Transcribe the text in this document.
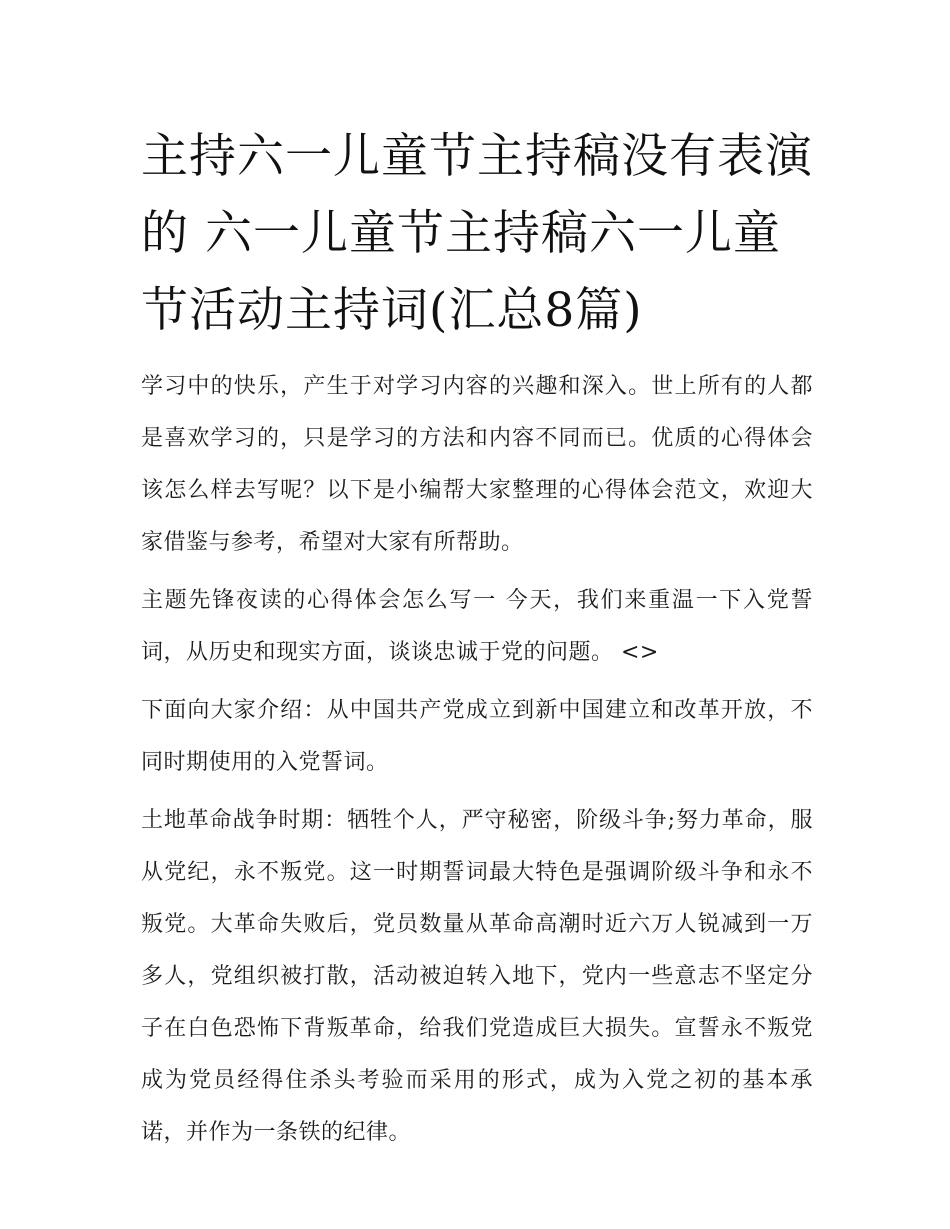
主持六一儿童节主持稿没有表演的 六一儿童节主持稿六一儿童节活动主持词(汇总8篇)

学习中的快乐，产生于对学习内容的兴趣和深入。世上所有的人都是喜欢学习的，只是学习的方法和内容不同而已。优质的心得体会该怎么样去写呢？以下是小编帮大家整理的心得体会范文，欢迎大家借鉴与参考，希望对大家有所帮助。

主题先锋夜读的心得体会怎么写一 今天，我们来重温一下入党誓词，从历史和现实方面，谈谈忠诚于党的问题。 <>

下面向大家介绍：从中国共产党成立到新中国建立和改革开放，不同时期使用的入党誓词。

土地革命战争时期：牺牲个人，严守秘密，阶级斗争;努力革命，服从党纪，永不叛党。这一时期誓词最大特色是强调阶级斗争和永不叛党。大革命失败后，党员数量从革命高潮时近六万人锐减到一万多人，党组织被打散，活动被迫转入地下，党内一些意志不坚定分子在白色恐怖下背叛革命，给我们党造成巨大损失。宣誓永不叛党成为党员经得住杀头考验而采用的形式，成为入党之初的基本承诺，并作为一条铁的纪律。
